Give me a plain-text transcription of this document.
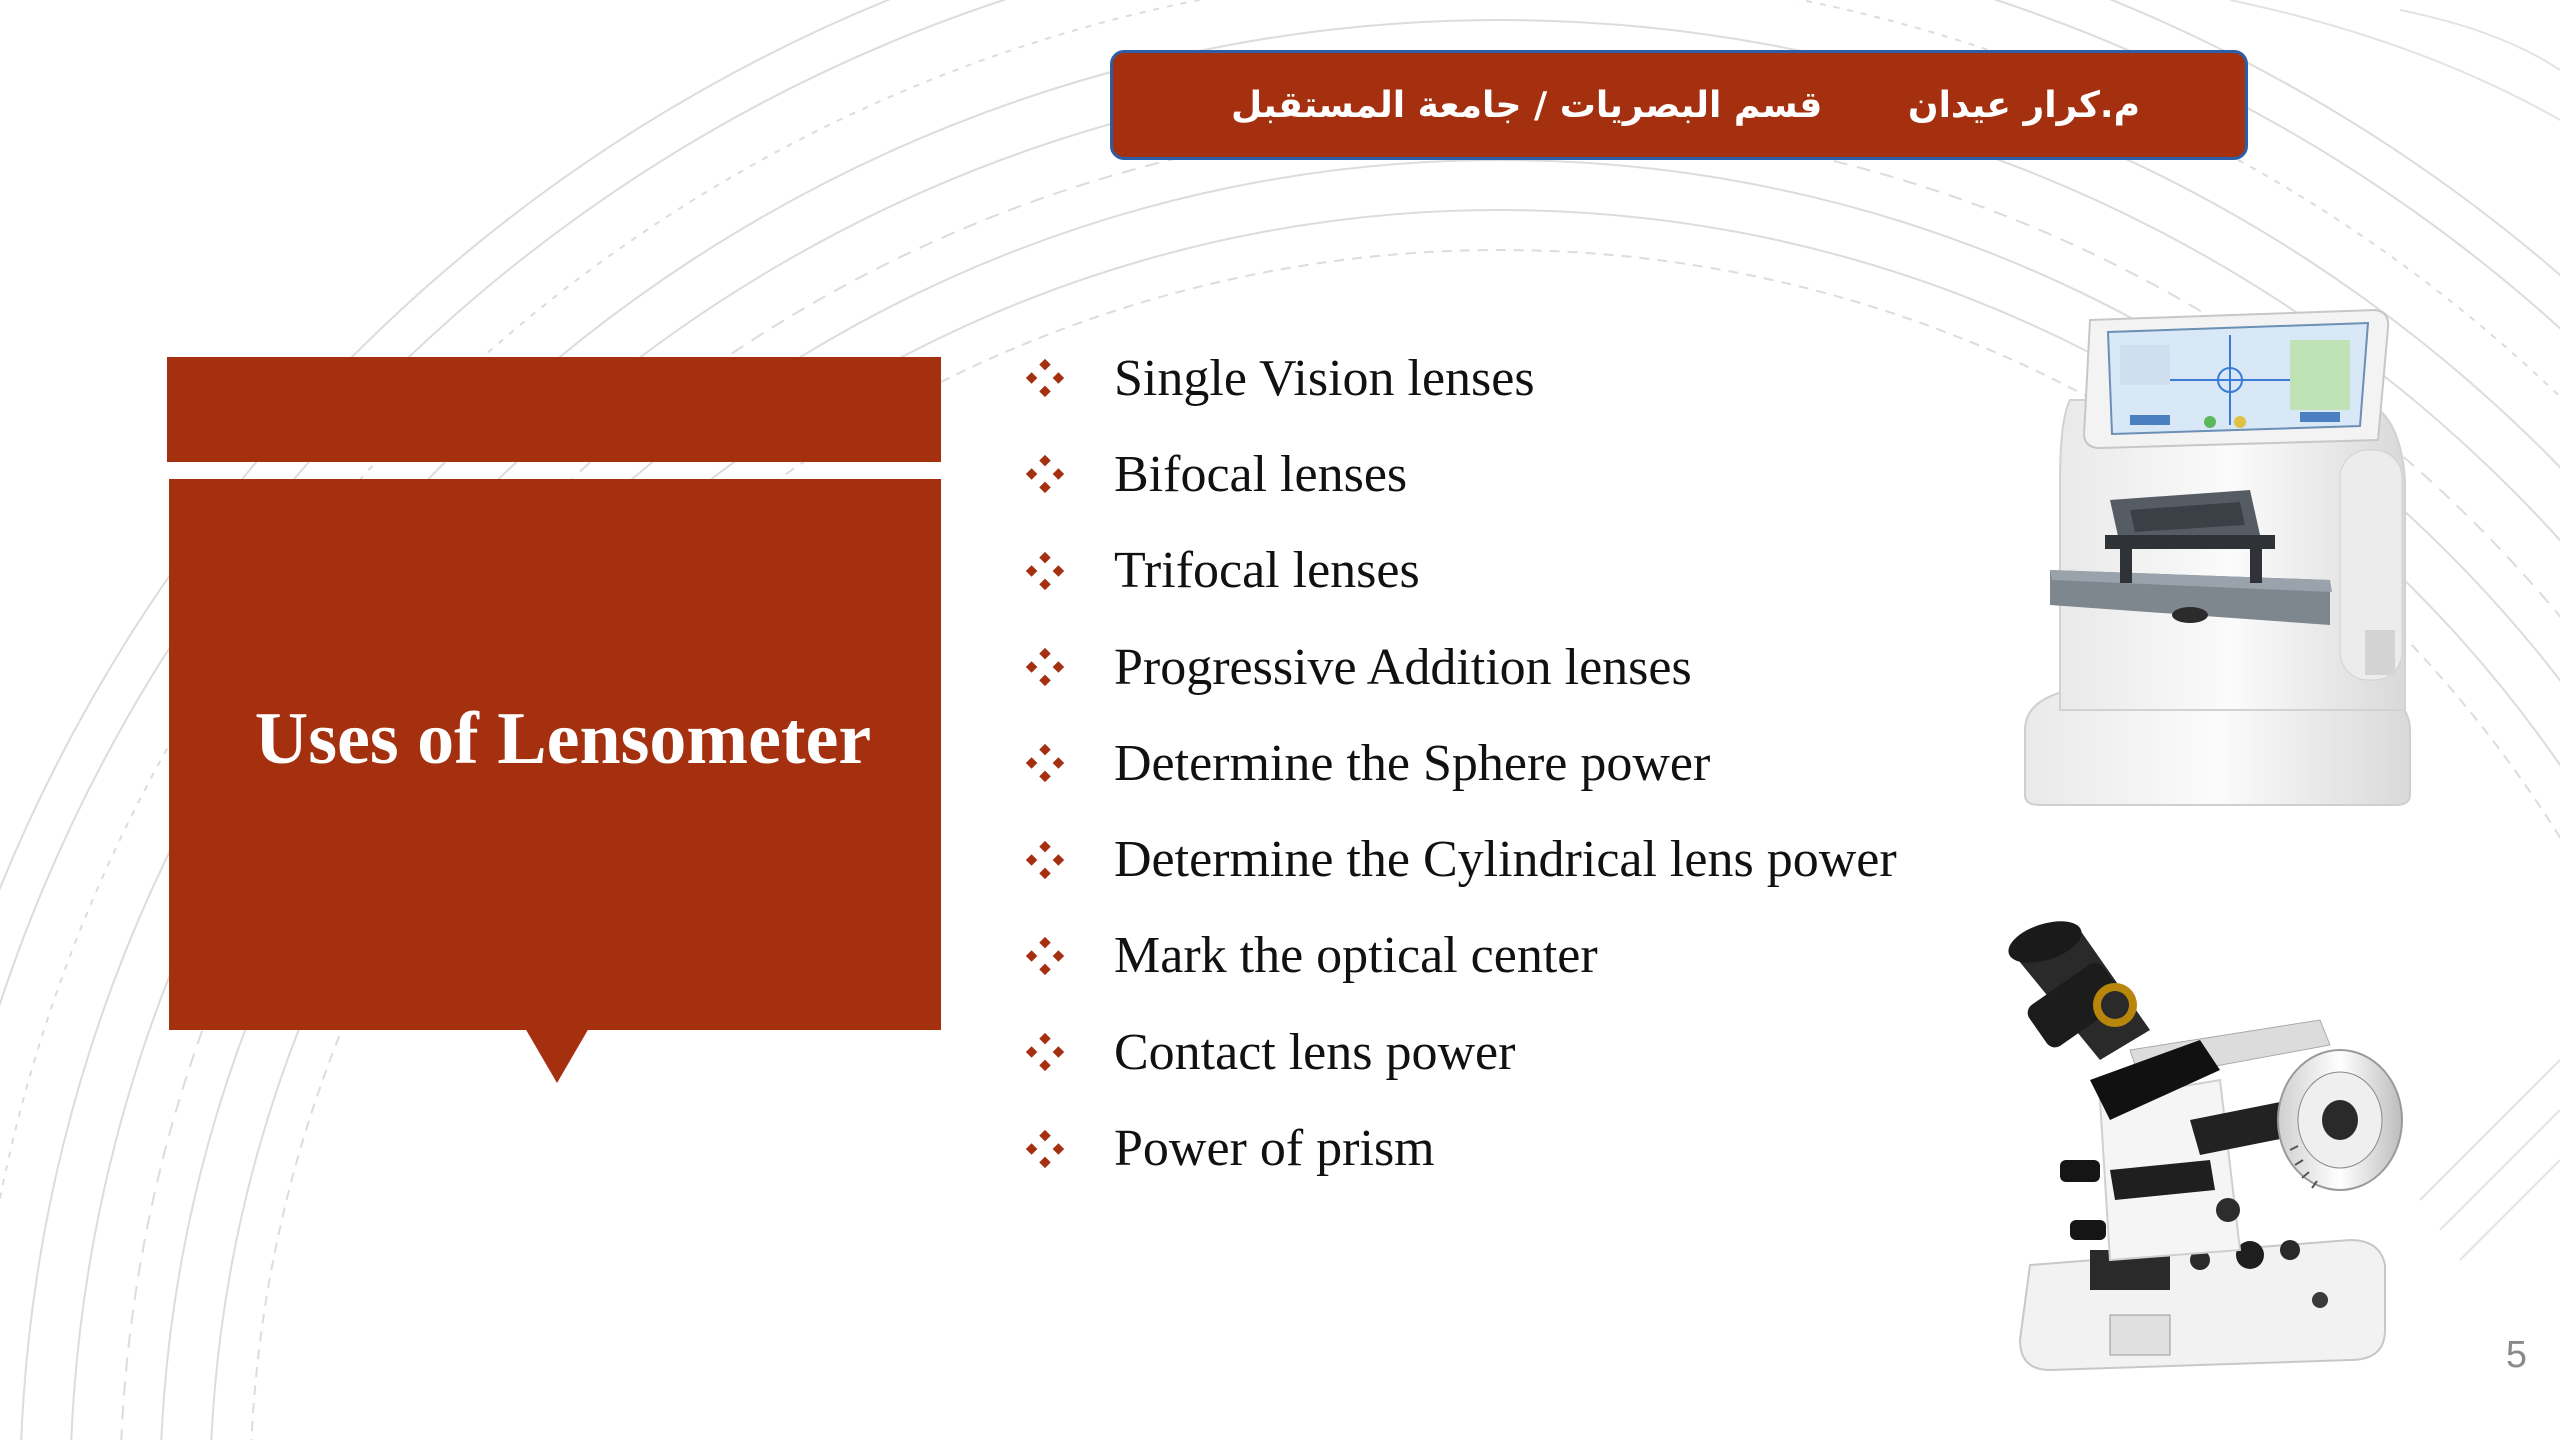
قسم البصريات / جامعة المستقبل م.كرار عيدان
Uses of Lensometer
Single Vision lenses
Bifocal lenses
Trifocal lenses
Progressive Addition lenses
Determine the Sphere power
Determine the Cylindrical lens power
Mark the optical center
Contact lens power
Power of prism
5
